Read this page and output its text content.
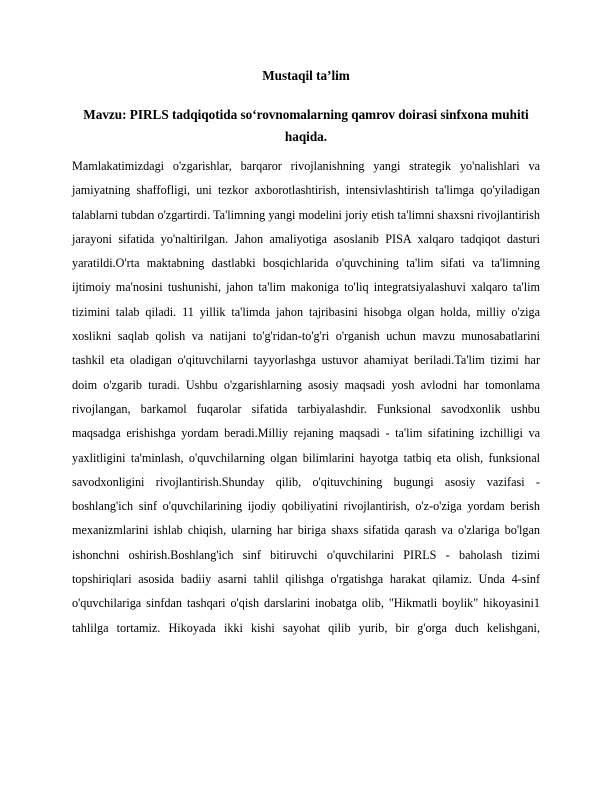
Mustaqil ta’lim
Mavzu: PIRLS tadqiqotida so‘rovnomalarning qamrov doirasi sinfxona muhiti haqida.

Mamlakatimizdagi o'zgarishlar, barqaror rivojlanishning yangi strategik yo'nalishlari va jamiyatning shaffofligi, uni tezkor axborotlashtirish, intensivlashtirish ta'limga qo'yiladigan talablarni tubdan o'zgartirdi. Ta'limning yangi modelini joriy etish ta'limni shaxsni rivojlantirish jarayoni sifatida yo'naltirilgan. Jahon amaliyotiga asoslanib PISA xalqaro tadqiqot dasturi yaratildi.O'rta maktabning dastlabki bosqichlarida o'quvchining ta'lim sifati va ta'limning ijtimoiy ma'nosini tushunishi, jahon ta'lim makoniga to'liq integratsiyalashuvi xalqaro ta'lim tizimini talab qiladi. 11 yillik ta'limda jahon tajribasini hisobga olgan holda, milliy o'ziga xoslikni saqlab qolish va natijani to'g'ridan-to'g'ri o'rganish uchun mavzu munosabatlarini tashkil eta oladigan o'qituvchilarni tayyorlashga ustuvor ahamiyat beriladi.Ta'lim tizimi har doim o'zgarib turadi. Ushbu o'zgarishlarning asosiy maqsadi yosh avlodni har tomonlama rivojlangan, barkamol fuqarolar sifatida tarbiyalashdir. Funksional savodxonlik ushbu maqsadga erishishga yordam beradi.Milliy rejaning maqsadi - ta'lim sifatining izchilligi va yaxlitligini ta'minlash, o'quvchilarning olgan bilimlarini hayotga tatbiq eta olish, funksional savodxonligini rivojlantirish.Shunday qilib, o'qituvchining bugungi asosiy vazifasi - boshlang'ich sinf o'quvchilarining ijodiy qobiliyatini rivojlantirish, o'z-o'ziga yordam berish mexanizmlarini ishlab chiqish, ularning har biriga shaxs sifatida qarash va o'zlariga bo'lgan ishonchni oshirish.Boshlang'ich sinf bitiruvchi o'quvchilarini PIRLS - baholash tizimi topshiriqlari asosida badiiy asarni tahlil qilishga o'rgatishga harakat qilamiz. Unda 4-sinf o'quvchilariga sinfdan tashqari o'qish darslarini inobatga olib, "Hikmatli boylik" hikoyasini1 tahlilga tortamiz. Hikoyada ikki kishi sayohat qilib yurib, bir g'orga duch kelishgani,
